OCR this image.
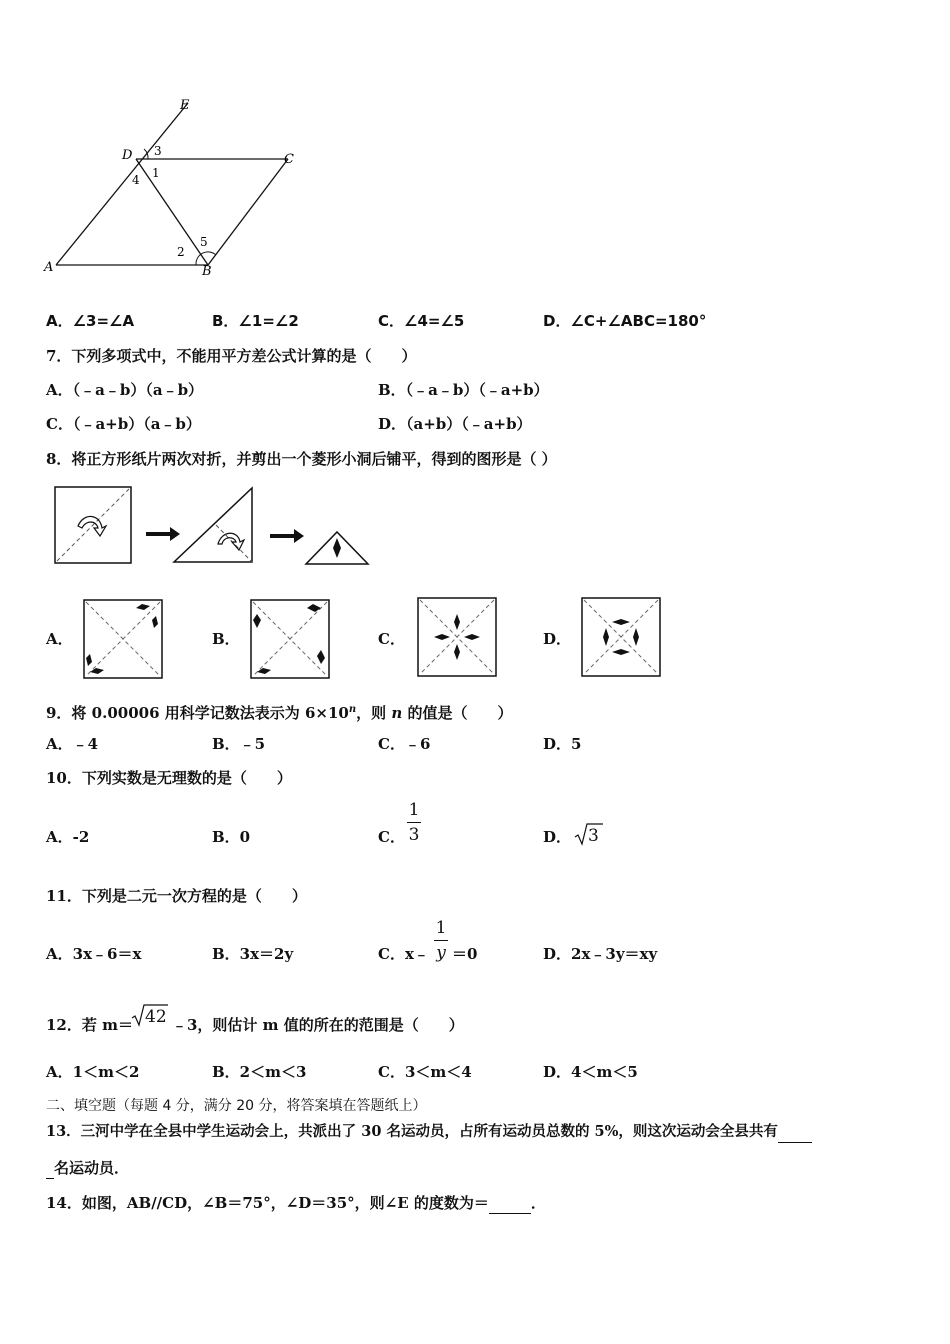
E
D	C
A	B
3
1
4
2
5
A．∠3=∠A	B．∠1=∠2	C．∠4=∠5	D．∠C+∠ABC=180°
7．下列多项式中，不能用平方差公式计算的是（　　）
A．（﹣a﹣b）（a﹣b）	B．（﹣a﹣b）（﹣a+b）
C．（﹣a+b）（a﹣b）	D．（a+b）（﹣a+b）
8．将正方形纸片两次对折，并剪出一个菱形小洞后铺平，得到的图形是（ ）
A．	B．	C．	D．
9．将 0.00006 用科学记数法表示为 $6\times 10^n$，则 n 的值是（　　）
A．﹣4	B．﹣5	C．﹣6	D．5
10．下列实数是无理数的是（　　）
A．-2	B．0	C．
1
3	D． 3
11．下列是二元一次方程的是（　　）
A．3x﹣6＝x	B．3x＝2y	C．x﹣
1
y ＝0	D．2x﹣3y＝xy
12．若 m＝ 42 ﹣3，则估计 m 值的所在的范围是（　　）
A．1＜m＜2	B．2＜m＜3	C．3＜m＜4	D．4＜m＜5
二、填空题（每题 4 分，满分 20 分，将答案填在答题纸上）
13．三河中学在全县中学生运动会上，共派出了 30 名运动员，占所有运动员总数的 5%，则这次运动会全县共有
名运动员．
14．如图，AB//CD，∠B＝75°，∠D＝35°，则∠E 的度数为＝	．
